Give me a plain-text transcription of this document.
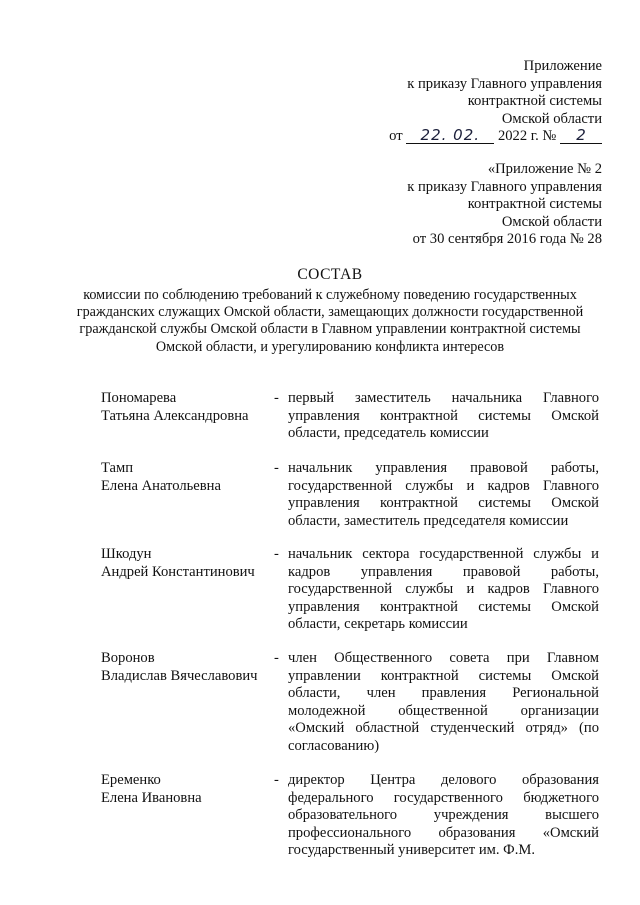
Приложение
к приказу Главного управления
контрактной системы
Омской области
от 22. 02. 2022 г. № 2
«Приложение № 2
к приказу Главного управления
контрактной системы
Омской области
от 30 сентября 2016 года № 28
СОСТАВ
комиссии по соблюдению требований к служебному поведению государственных гражданских служащих Омской области, замещающих должности государственной гражданской службы Омской области в Главном управлении контрактной системы Омской области, и урегулированию конфликта интересов
Пономарева
Татьяна Александровна
- первый заместитель начальника Главного управления контрактной системы Омской области, председатель комиссии
Тамп
Елена Анатольевна
- начальник управления правовой работы, государственной службы и кадров Главного управления контрактной системы Омской области, заместитель председателя комиссии
Шкодун
Андрей Константинович
- начальник сектора государственной службы и кадров управления правовой работы, государственной службы и кадров Главного управления контрактной системы Омской области, секретарь комиссии
Воронов
Владислав Вячеславович
- член Общественного совета при Главном управлении контрактной системы Омской области, член правления Региональной молодежной общественной организации «Омский областной студенческий отряд» (по согласованию)
Еременко
Елена Ивановна
- директор Центра делового образования федерального государственного бюджетного образовательного учреждения высшего профессионального образования «Омский государственный университет им. Ф.М.
